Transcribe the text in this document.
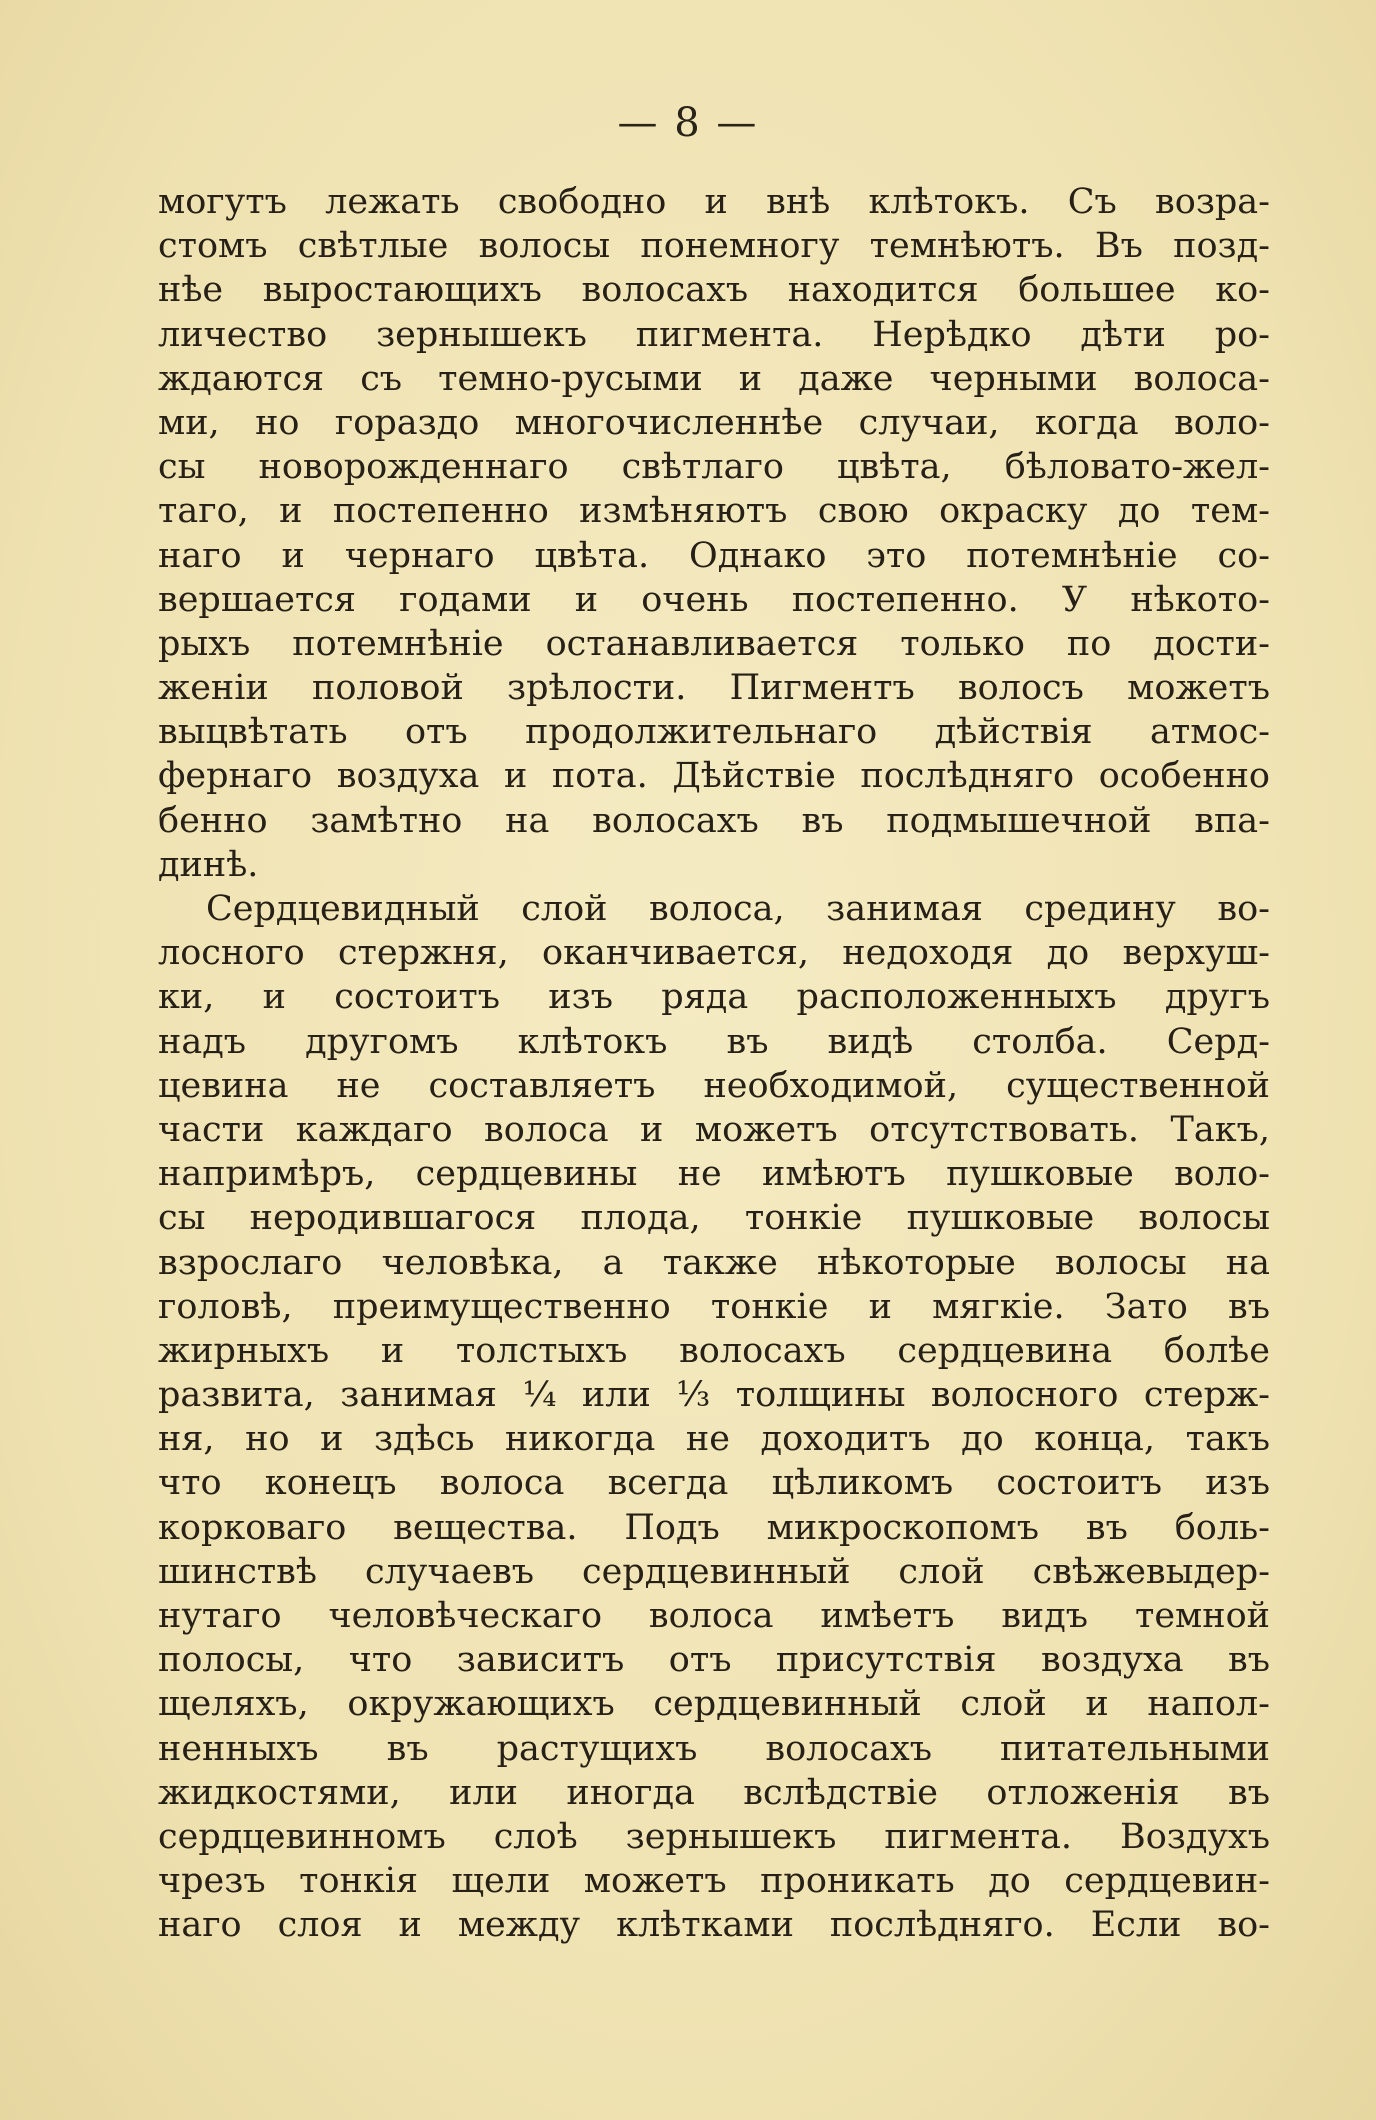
— 8 —
могутъ лежать свободно и внѣ клѣтокъ. Съ возра-
стомъ свѣтлые волосы понемногу темнѣютъ. Въ позд-
нѣе выростающихъ волосахъ находится большее ко-
личество зернышекъ пигмента. Нерѣдко дѣти ро-
ждаются съ темно-русыми и даже черными волоса-
ми, но гораздо многочисленнѣе случаи, когда воло-
сы новорожденнаго свѣтлаго цвѣта, бѣловато-жел-
таго, и постепенно измѣняютъ свою окраску до тем-
наго и чернаго цвѣта. Однако это потемнѣніе со-
вершается годами и очень постепенно. У нѣкото-
рыхъ потемнѣніе останавливается только по дости-
женіи половой зрѣлости. Пигментъ волосъ можетъ
выцвѣтать отъ продолжительнаго дѣйствія атмос-
фернаго воздуха и пота. Дѣйствіе послѣдняго особенно
бенно замѣтно на волосахъ въ подмышечной впа-
динѣ.
Сердцевидный слой волоса, занимая средину во-
лосного стержня, оканчивается, недоходя до верхуш-
ки, и состоитъ изъ ряда расположенныхъ другъ
надъ другомъ клѣтокъ въ видѣ столба. Серд-
цевина не составляетъ необходимой, существенной
части каждаго волоса и можетъ отсутствовать. Такъ,
напримѣръ, сердцевины не имѣютъ пушковые воло-
сы неродившагося плода, тонкіе пушковые волосы
взрослаго человѣка, а также нѣкоторые волосы на
головѣ, преимущественно тонкіе и мягкіе. Зато въ
жирныхъ и толстыхъ волосахъ сердцевина болѣе
развита, занимая ¼ или ⅓ толщины волосного стерж-
ня, но и здѣсь никогда не доходитъ до конца, такъ
что конецъ волоса всегда цѣликомъ состоитъ изъ
корковаго вещества. Подъ микроскопомъ въ боль-
шинствѣ случаевъ сердцевинный слой свѣжевыдер-
нутаго человѣческаго волоса имѣетъ видъ темной
полосы, что зависитъ отъ присутствія воздуха въ
щеляхъ, окружающихъ сердцевинный слой и напол-
ненныхъ въ растущихъ волосахъ питательными
жидкостями, или иногда вслѣдствіе отложенія въ
сердцевинномъ слоѣ зернышекъ пигмента. Воздухъ
чрезъ тонкія щели можетъ проникать до сердцевин-
наго слоя и между клѣтками послѣдняго. Если во-
